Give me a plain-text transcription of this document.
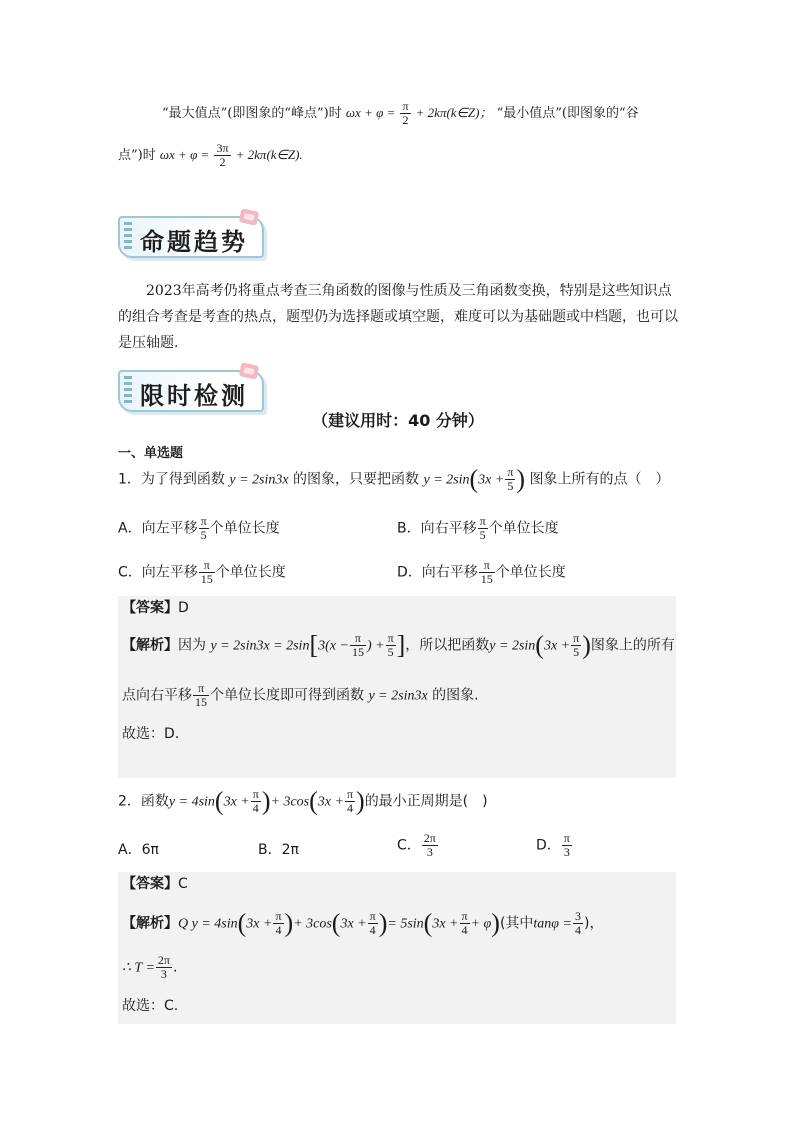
“最大值点”(即图象的“峰点”)时 $\omega x + \varphi = \frac{\pi}{2}$ + 2kπ(k∈Z)； “最小值点”(即图象的“谷
点”)时 $\omega x + \varphi = \frac{3\pi}{2}$ + 2kπ(k∈Z).
命题趋势
2023年高考仍将重点考查三角函数的图像与性质及三角函数变换，特别是这些知识点的组合考查是考查的热点，题型仍为选择题或填空题，难度可以为基础题或中档题，也可以是压轴题.
限时检测
（建议用时：40 分钟）
一、单选题
1．为了得到函数 y = 2sin3x 的图象，只要把函数 $y = 2\sin(3x + \frac{\pi}{5}$ ) 图象上所有的点（　）
A．向左平移 $\frac{\pi}{5}$ 个单位长度	B．向右平移 $\frac{\pi}{5}$ 个单位长度
C．向左平移 $\frac{\pi}{15}$ 个单位长度	D．向右平移 $\frac{\pi}{15}$ 个单位长度
【答案】D
【解析】因为 $y = 2\sin 3x = 2\sin[3(x - \frac{\pi}{15}$ ) + $\frac{\pi}{5}$ ]，所以把函数$y = 2\sin(3x + \frac{\pi}{5}$ )图象上的所有
点向右平移 $\frac{\pi}{15}$ 个单位长度即可得到函数 y = 2sin3x 的图象.
故选：D.
2．函数$y = 4\sin(3x + \frac{\pi}{4}$ )+ $3\cos(3x + \frac{\pi}{4}$ )的最小正周期是(　)
A．6π	B．2π	C． $\frac{2\pi}{3}$	D． $\frac{\pi}{3}$
【答案】C
【解析】Q $y = 4\sin(3x + \frac{\pi}{4}$ )+ $3\cos(3x + \frac{\pi}{4}$ )= $5\sin(3x + \frac{\pi}{4} + \varphi)$(其中$\tan\varphi = \frac{3}{4}$ )，
∴ $T = \frac{2\pi}{3}$ .
故选：C.
